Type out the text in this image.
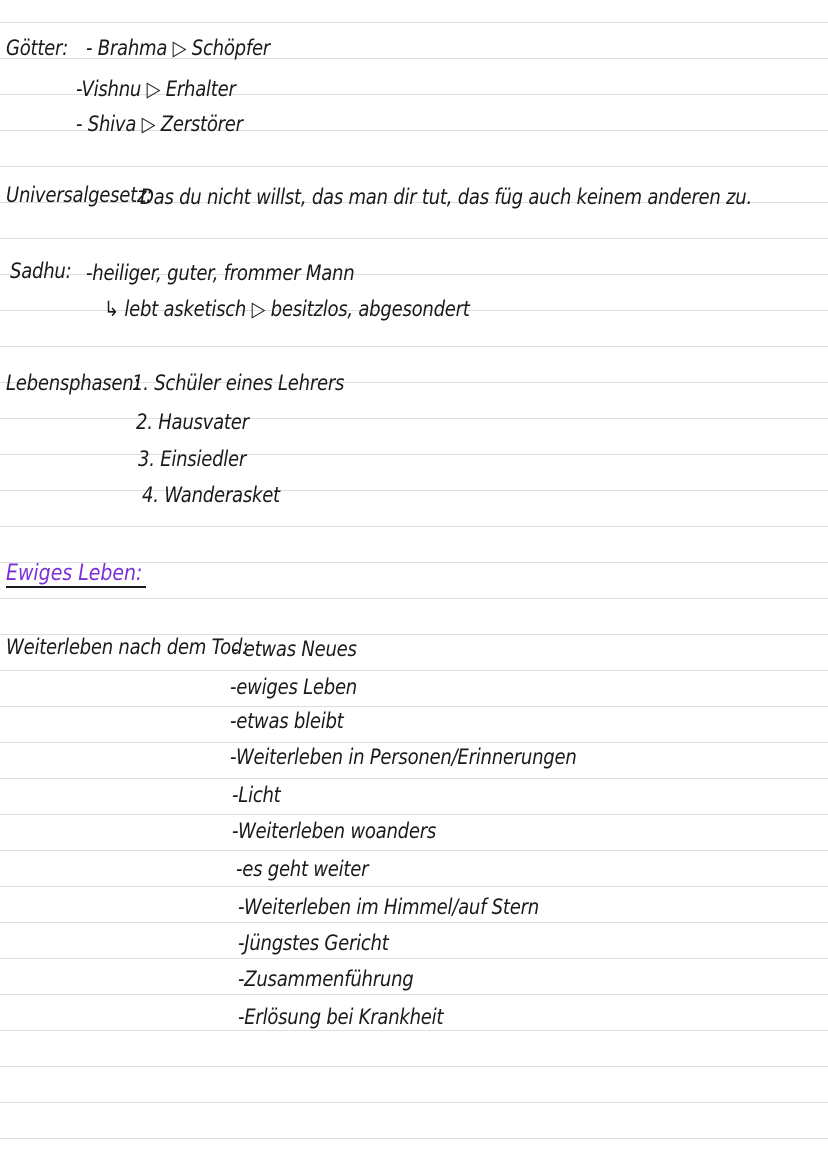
Götter: - Brahma ▷ Schöpfer
-Vishnu ▷ Erhalter
- Shiva ▷ Zerstörer
Universalgesetz:
Das du nicht willst, das man dir tut, das füg auch keinem anderen zu.
Sadhu: -heiliger, guter, frommer Mann
↳ lebt asketisch ▷ besitzlos, abgesondert
Lebensphasen:
1. Schüler eines Lehrers
2. Hausvater
3. Einsiedler
4. Wanderasket
Ewiges Leben:
Weiterleben nach dem Tod:
- etwas Neues
-ewiges Leben
-etwas bleibt
-Weiterleben in Personen/Erinnerungen
-Licht
-Weiterleben woanders
-es geht weiter
-Weiterleben im Himmel/auf Stern
-Jüngstes Gericht
-Zusammenführung
-Erlösung bei Krankheit
